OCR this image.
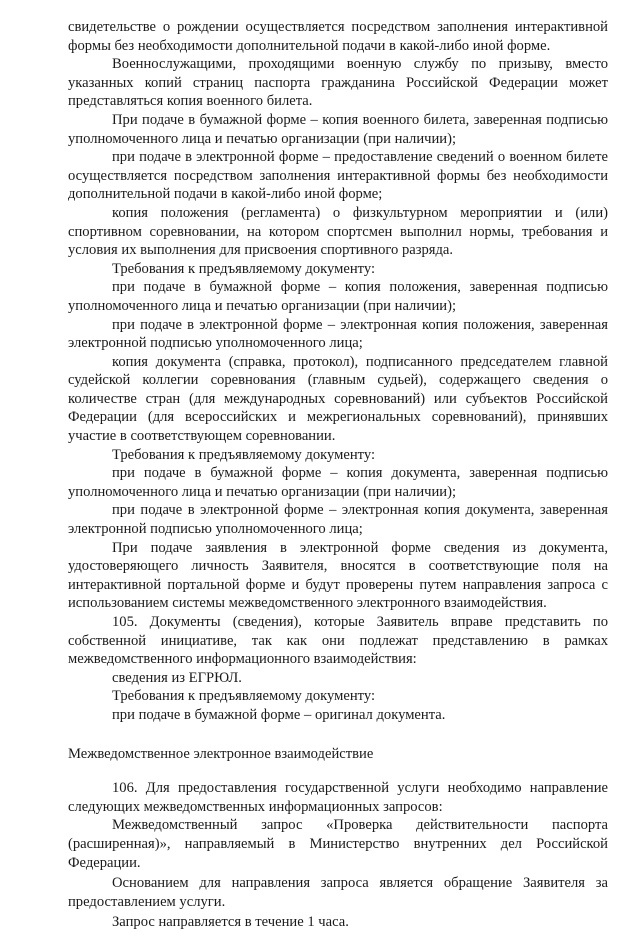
свидетельстве о рождении осуществляется посредством заполнения интерактивной формы без необходимости дополнительной подачи в какой-либо иной форме.

Военнослужащими, проходящими военную службу по призыву, вместо указанных копий страниц паспорта гражданина Российской Федерации может представляться копия военного билета.

При подаче в бумажной форме – копия военного билета, заверенная подписью уполномоченного лица и печатью организации (при наличии);

при подаче в электронной форме – предоставление сведений о военном билете осуществляется посредством заполнения интерактивной формы без необходимости дополнительной подачи в какой-либо иной форме;

копия положения (регламента) о физкультурном мероприятии и (или) спортивном соревновании, на котором спортсмен выполнил нормы, требования и условия их выполнения для присвоения спортивного разряда.

Требования к предъявляемому документу:

при подаче в бумажной форме – копия положения, заверенная подписью уполномоченного лица и печатью организации (при наличии);

при подаче в электронной форме – электронная копия положения, заверенная электронной подписью уполномоченного лица;

копия документа (справка, протокол), подписанного председателем главной судейской коллегии соревнования (главным судьей), содержащего сведения о количестве стран (для международных соревнований) или субъектов Российской Федерации (для всероссийских и межрегиональных соревнований), принявших участие в соответствующем соревновании.

Требования к предъявляемому документу:

при подаче в бумажной форме – копия документа, заверенная подписью уполномоченного лица и печатью организации (при наличии);

при подаче в электронной форме – электронная копия документа, заверенная электронной подписью уполномоченного лица;

При подаче заявления в электронной форме сведения из документа, удостоверяющего личность Заявителя, вносятся в соответствующие поля на интерактивной портальной форме и будут проверены путем направления запроса с использованием системы межведомственного электронного взаимодействия.

105. Документы (сведения), которые Заявитель вправе представить по собственной инициативе, так как они подлежат представлению в рамках межведомственного информационного взаимодействия:

сведения из ЕГРЮЛ.

Требования к предъявляемому документу:

при подаче в бумажной форме – оригинал документа.

Межведомственное электронное взаимодействие

106. Для предоставления государственной услуги необходимо направление следующих межведомственных информационных запросов:

Межведомственный запрос «Проверка действительности паспорта (расширенная)», направляемый в Министерство внутренних дел Российской Федерации.

Основанием для направления запроса является обращение Заявителя за предоставлением услуги.

Запрос направляется в течение 1 часа.
